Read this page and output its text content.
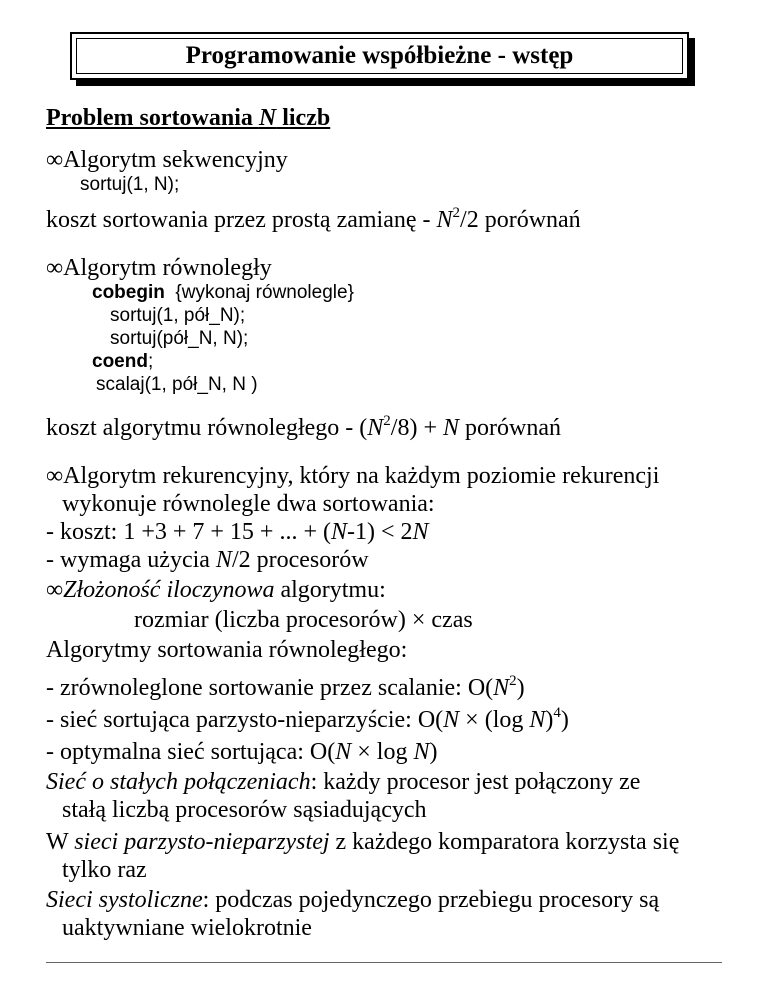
Programowanie współbieżne - wstęp
Problem sortowania N liczb
∞Algorytm sekwencyjny
sortuj(1, N);
koszt sortowania przez prostą zamianę - $N^2/2$ porównań
∞Algorytm równoległy
cobegin {wykonaj równolegle}
sortuj(1, pół_N);
sortuj(pół_N, N);
coend;
scalaj(1, pół_N, N )
koszt algorytmu równoległego - $(N^2/8) + N$ porównań
∞Algorytm rekurencyjny, który na każdym poziomie rekurencji
wykonuje równolegle dwa sortowania:
- koszt: 1 +3 + 7 + 15 + ... + (N-1) < 2N
- wymaga użycia N/2 procesorów
∞Złożoność iloczynowa algorytmu:
rozmiar (liczba procesorów) × czas
Algorytmy sortowania równoległego:
- zrównoleglone sortowanie przez scalanie: $O(N^2)$
- sieć sortująca parzysto-nieparzyście: O(N × (log N)$^4$)
- optymalna sieć sortująca: O(N × log N)
Sieć o stałych połączeniach: każdy procesor jest połączony ze
stałą liczbą procesorów sąsiadujących
W sieci parzysto-nieparzystej z każdego komparatora korzysta się
tylko raz
Sieci systoliczne: podczas pojedynczego przebiegu procesory są
uaktywniane wielokrotnie
